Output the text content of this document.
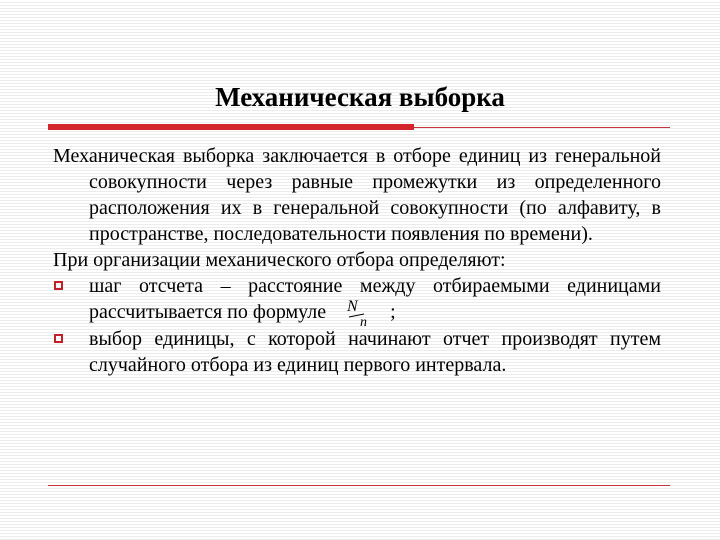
Механическая выборка

Механическая выборка заключается в отборе единиц из генеральной совокупности через равные промежутки из определенного расположения их в генеральной совокупности (по алфавиту, в пространстве, последовательности появления по времени).

При организации механического отбора определяют:

шаг отсчета – расстояние между отбираемыми единицами рассчитывается по формуле N
n ;
выбор единицы, с которой начинают отчет производят путем случайного отбора из единиц первого интервала.
